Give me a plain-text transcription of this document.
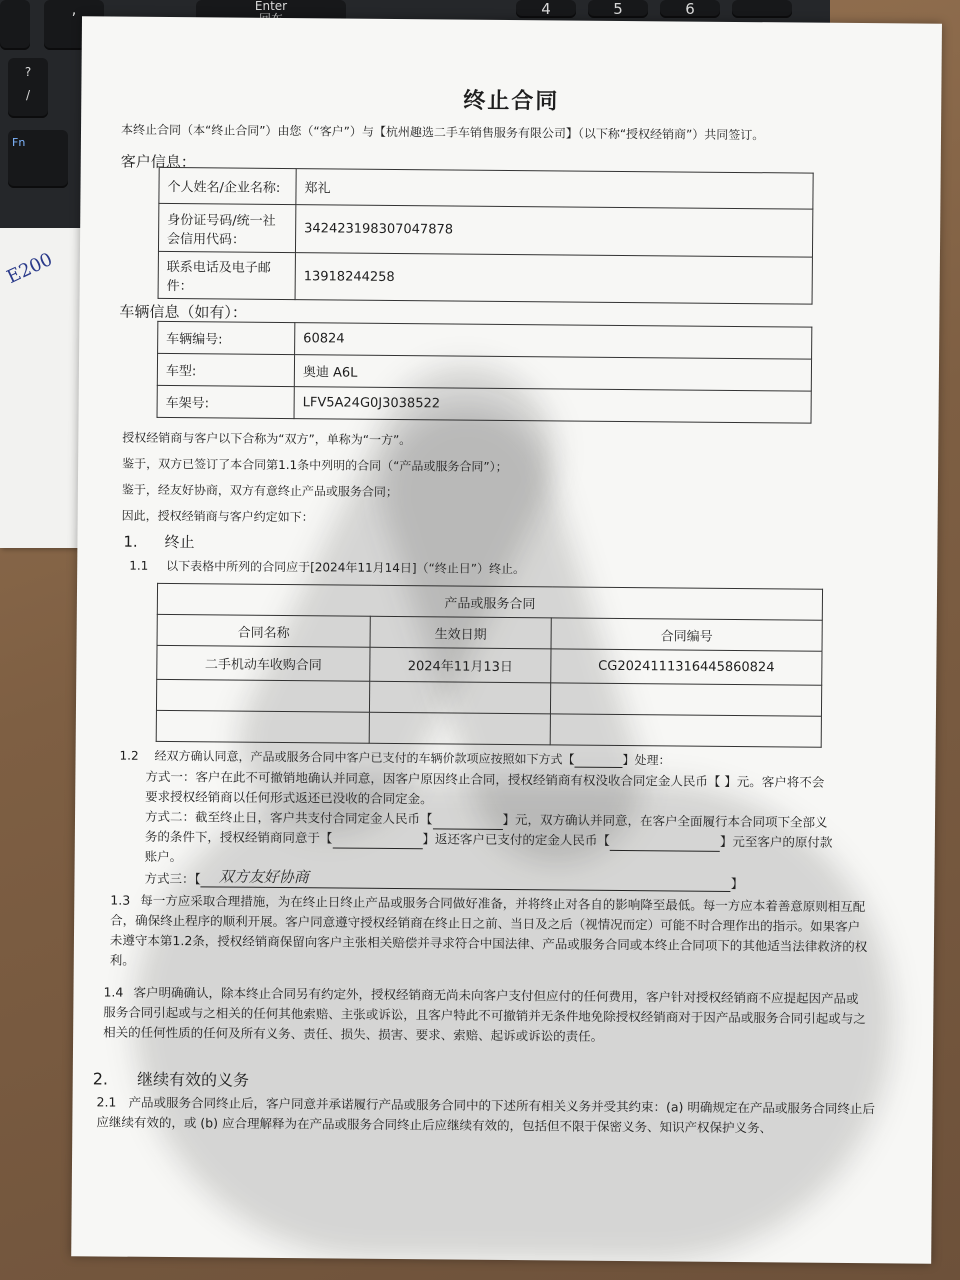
,
?
/
Fn
Enter	4	5	6
E200
终止合同
本终止合同（本“终止合同”）由您（“客户”）与【杭州趣选二手车销售服务有限公司】（以下称“授权经销商”）共同签订。
客户信息：
个人姓名/企业名称:	郑礼
身份证号码/统一社会信用代码：	342423198307047878
联系电话及电子邮件：	13918244258
车辆信息（如有）：
车辆编号:	60824
车型:	奥迪 A6L
车架号:	LFV5A24G0J3038522
授权经销商与客户以下合称为“双方”，单称为“一方”。
鉴于，双方已签订了本合同第1.1条中列明的合同（“产品或服务合同”）；
鉴于，经友好协商，双方有意终止产品或服务合同；
因此，授权经销商与客户约定如下：
1. 终止
1.1 以下表格中所列的合同应于[2024年11月14日]（“终止日”）终止。
产品或服务合同		
合同名称	生效日期	合同编号
二手机动车收购合同	2024年11月13日	CG2024111316445860824

1.2 经双方确认同意，产品或服务合同中客户已支付的车辆价款项应按照如下方式【	】处理：
方式一：客户在此不可撤销地确认并同意，因客户原因终止合同，授权经销商有权没收合同定金人民币【 】元。客户将不会要求授权经销商以任何形式返还已没收的合同定金。
方式二：截至终止日，客户共支付合同定金人民币【	】元，双方确认并同意，在客户全面履行本合同项下全部义务的条件下，授权经销商同意于【	】返还客户已支付的定金人民币【	】元至客户的原付款账户。
方式三：【 双方友好协商	】
1.3 每一方应采取合理措施，为在终止日终止产品或服务合同做好准备，并将终止对各自的影响降至最低。每一方应本着善意原则相互配合，确保终止程序的顺利开展。客户同意遵守授权经销商在终止日之前、当日及之后（视情况而定）可能不时合理作出的指示。如果客户未遵守本第1.2条，授权经销商保留向客户主张相关赔偿并寻求符合中国法律、产品或服务合同或本终止合同项下的其他适当法律救济的权利。
1.4 客户明确确认，除本终止合同另有约定外，授权经销商无尚未向客户支付但应付的任何费用，客户针对授权经销商不应提起因产品或服务合同引起或与之相关的任何其他索赔、主张或诉讼，且客户特此不可撤销并无条件地免除授权经销商对于因产品或服务合同引起或与之相关的任何性质的任何及所有义务、责任、损失、损害、要求、索赔、起诉或诉讼的责任。
2. 继续有效的义务
2.1 产品或服务合同终止后，客户同意并承诺履行产品或服务合同中的下述所有相关义务并受其约束：(a) 明确规定在产品或服务合同终止后应继续有效的，或 (b) 应合理解释为在产品或服务合同终止后应继续有效的，包括但不限于保密义务、知识产权保护义务、
